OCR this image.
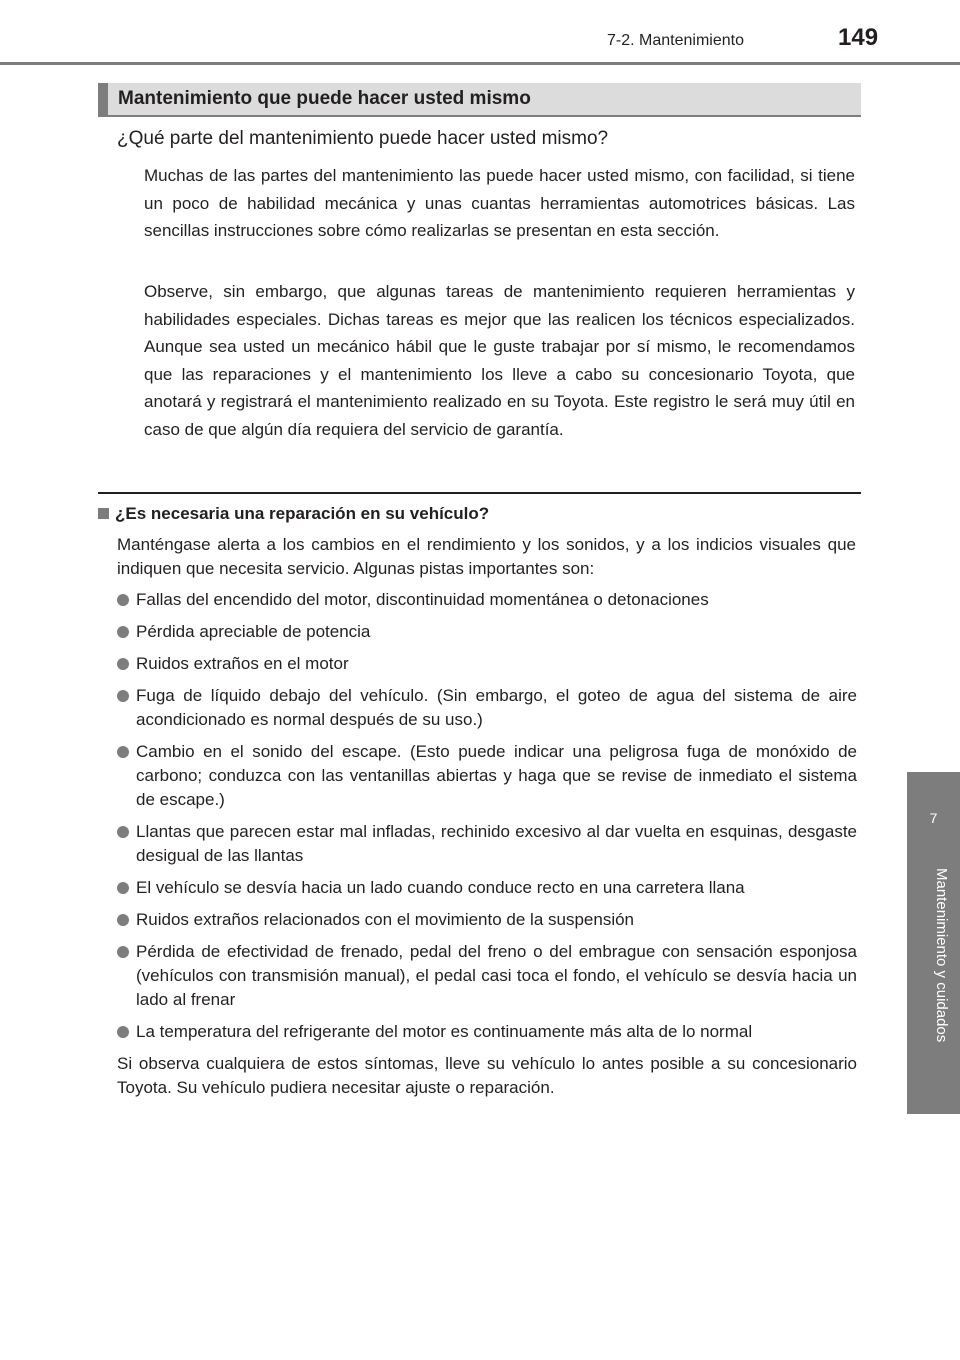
7-2. Mantenimiento	149
7
Mantenimiento y cuidados
Mantenimiento que puede hacer usted mismo
¿Qué parte del mantenimiento puede hacer usted mismo?
Muchas de las partes del mantenimiento las puede hacer usted mismo, con facilidad, si tiene un poco de habilidad mecánica y unas cuantas herramientas automotrices básicas. Las sencillas instrucciones sobre cómo realizarlas se presentan en esta sección.
Observe, sin embargo, que algunas tareas de mantenimiento requieren herramientas y habilidades especiales. Dichas tareas es mejor que las realicen los técnicos especializados. Aunque sea usted un mecánico hábil que le guste trabajar por sí mismo, le recomendamos que las reparaciones y el mantenimiento los lleve a cabo su concesionario Toyota, que anotará y registrará el mantenimiento realizado en su Toyota. Este registro le será muy útil en caso de que algún día requiera del servicio de garantía.
¿Es necesaria una reparación en su vehículo?
Manténgase alerta a los cambios en el rendimiento y los sonidos, y a los indicios visuales que indiquen que necesita servicio. Algunas pistas importantes son:
Fallas del encendido del motor, discontinuidad momentánea o detonaciones
Pérdida apreciable de potencia
Ruidos extraños en el motor
Fuga de líquido debajo del vehículo. (Sin embargo, el goteo de agua del sistema de aire acondicionado es normal después de su uso.)
Cambio en el sonido del escape. (Esto puede indicar una peligrosa fuga de monóxido de carbono; conduzca con las ventanillas abiertas y haga que se revise de inmediato el sistema de escape.)
Llantas que parecen estar mal infladas, rechinido excesivo al dar vuelta en esquinas, desgaste desigual de las llantas
El vehículo se desvía hacia un lado cuando conduce recto en una carretera llana
Ruidos extraños relacionados con el movimiento de la suspensión
Pérdida de efectividad de frenado, pedal del freno o del embrague con sensación esponjosa (vehículos con transmisión manual), el pedal casi toca el fondo, el vehículo se desvía hacia un lado al frenar
La temperatura del refrigerante del motor es continuamente más alta de lo normal
Si observa cualquiera de estos síntomas, lleve su vehículo lo antes posible a su concesionario Toyota. Su vehículo pudiera necesitar ajuste o reparación.
